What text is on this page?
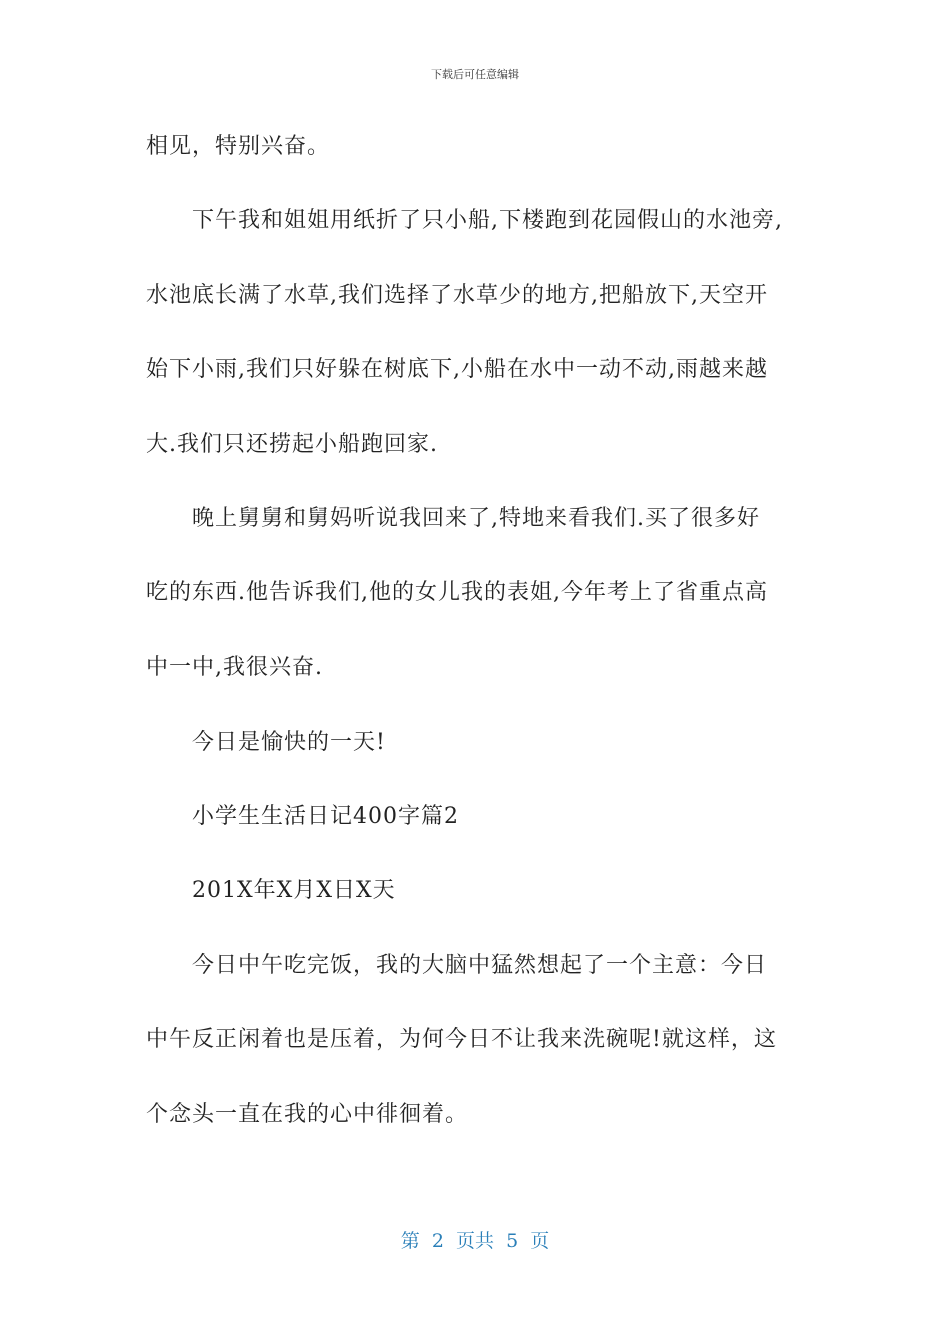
下载后可任意编辑
相见，特别兴奋。
下午我和姐姐用纸折了只小船,下楼跑到花园假山的水池旁,
水池底长满了水草,我们选择了水草少的地方,把船放下,天空开
始下小雨,我们只好躲在树底下,小船在水中一动不动,雨越来越
大.我们只还捞起小船跑回家.
晚上舅舅和舅妈听说我回来了,特地来看我们.买了很多好
吃的东西.他告诉我们,他的女儿我的表姐,今年考上了省重点高
中一中,我很兴奋.
今日是愉快的一天!
小学生生活日记400字篇2
201X年X月X日X天
今日中午吃完饭，我的大脑中猛然想起了一个主意：今日
中午反正闲着也是压着，为何今日不让我来洗碗呢!就这样，这
个念头一直在我的心中徘徊着。
第  2  页共  5  页
